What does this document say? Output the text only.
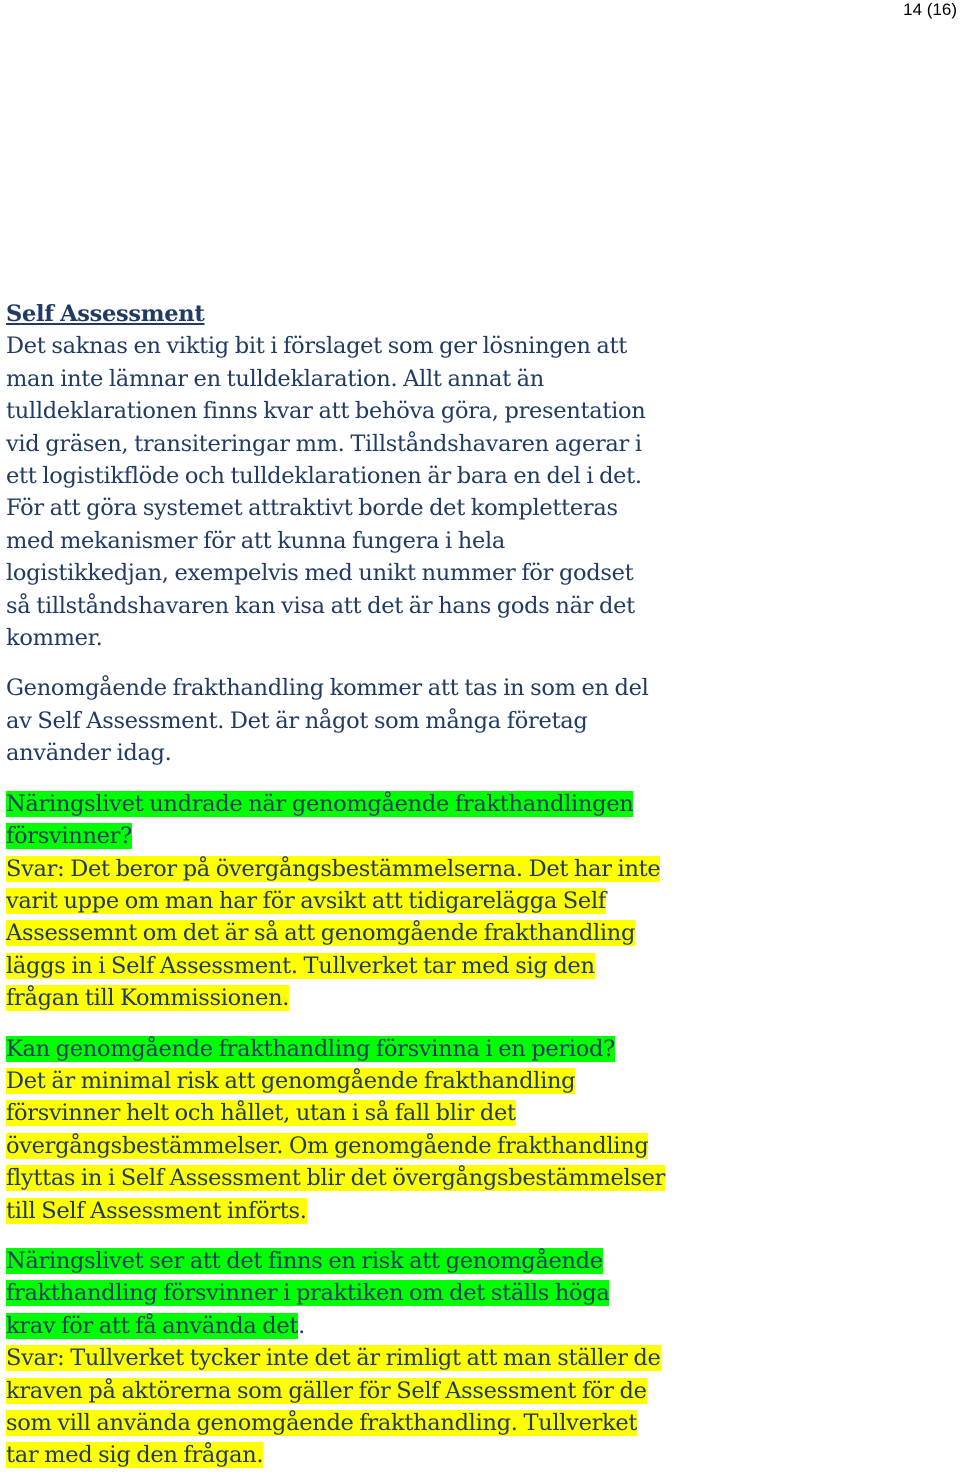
14 (16)
Self Assessment

Det saknas en viktig bit i förslaget som ger lösningen att
man inte lämnar en tulldeklaration. Allt annat än
tulldeklarationen finns kvar att behöva göra, presentation
vid gräsen, transiteringar mm. Tillståndshavaren agerar i
ett logistikflöde och tulldeklarationen är bara en del i det.
För att göra systemet attraktivt borde det kompletteras
med mekanismer för att kunna fungera i hela
logistikkedjan, exempelvis med unikt nummer för godset
så tillståndshavaren kan visa att det är hans gods när det
kommer.

Genomgående frakthandling kommer att tas in som en del
av Self Assessment. Det är något som många företag
använder idag.

Näringslivet undrade när genomgående frakthandlingen
försvinner?
Svar: Det beror på övergångsbestämmelserna. Det har inte
varit uppe om man har för avsikt att tidigarelägga Self
Assessemnt om det är så att genomgående frakthandling
läggs in i Self Assessment. Tullverket tar med sig den
frågan till Kommissionen.

Kan genomgående frakthandling försvinna i en period?
Det är minimal risk att genomgående frakthandling
försvinner helt och hållet, utan i så fall blir det
övergångsbestämmelser. Om genomgående frakthandling
flyttas in i Self Assessment blir det övergångsbestämmelser
till Self Assessment införts.

Näringslivet ser att det finns en risk att genomgående
frakthandling försvinner i praktiken om det ställs höga
krav för att få använda det.
Svar: Tullverket tycker inte det är rimligt att man ställer de
kraven på aktörerna som gäller för Self Assessment för de
som vill använda genomgående frakthandling. Tullverket
tar med sig den frågan.
